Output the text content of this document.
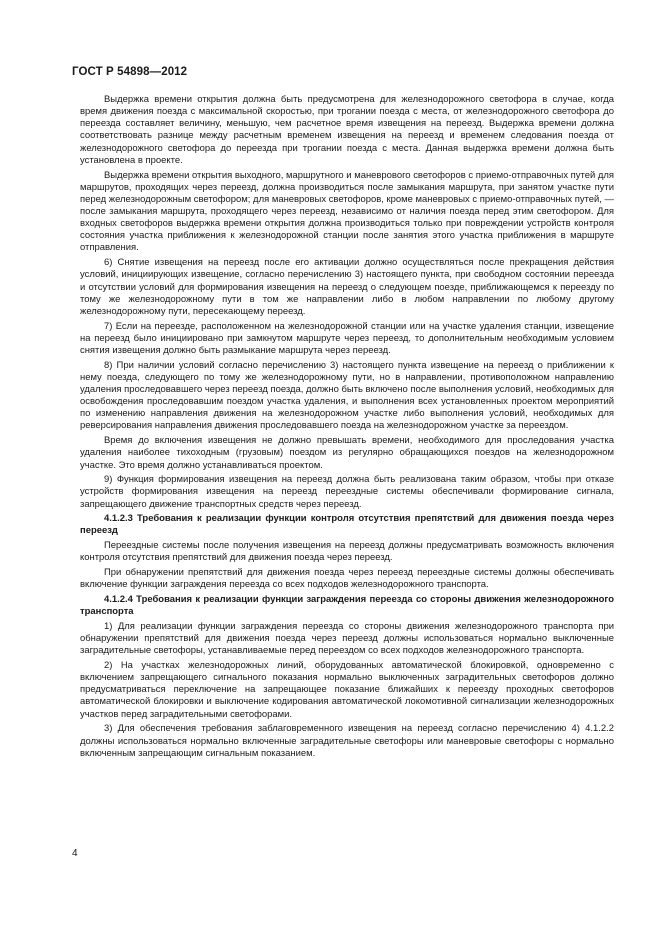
ГОСТ Р 54898—2012

Выдержка времени открытия должна быть предусмотрена для железнодорожного светофора в случае, когда время движения поезда с максимальной скоростью, при трогании поезда с места, от железнодорожного светофора до переезда составляет величину, меньшую, чем расчетное время извещения на переезд. Выдержка времени должна соответствовать разнице между расчетным временем извещения на переезд и временем следования поезда от железнодорожного светофора до переезда при трогании поезда с места. Данная выдержка времени должна быть установлена в проекте.

Выдержка времени открытия выходного, маршрутного и маневрового светофоров с приемо-отправочных путей для маршрутов, проходящих через переезд, должна производиться после замыкания маршрута, при занятом участке пути перед железнодорожным светофором; для маневровых светофоров, кроме маневровых с приемо-отправочных путей, — после замыкания маршрута, проходящего через переезд, независимо от наличия поезда перед этим светофором. Для входных светофоров выдержка времени открытия должна производиться только при повреждении устройств контроля состояния участка приближения к железнодорожной станции после занятия этого участка приближения в маршруте отправления.

6) Снятие извещения на переезд после его активации должно осуществляться после прекращения действия условий, инициирующих извещение, согласно перечислению 3) настоящего пункта, при свободном состоянии переезда и отсутствии условий для формирования извещения на переезд о следующем поезде, приближающемся к переезду по тому же железнодорожному пути в том же направлении либо в любом направлении по любому другому железнодорожному пути, пересекающему переезд.

7) Если на переезде, расположенном на железнодорожной станции или на участке удаления станции, извещение на переезд было инициировано при замкнутом маршруте через переезд, то дополнительным необходимым условием снятия извещения должно быть размыкание маршрута через переезд.

8) При наличии условий согласно перечислению 3) настоящего пункта извещение на переезд о приближении к нему поезда, следующего по тому же железнодорожному пути, но в направлении, противоположном направлению удаления проследовавшего через переезд поезда, должно быть включено после выполнения условий, необходимых для освобождения проследовавшим поездом участка удаления, и выполнения всех установленных проектом мероприятий по изменению направления движения на железнодорожном участке либо выполнения условий, необходимых для реверсирования направления движения проследовавшего поезда на железнодорожном участке за переездом.

Время до включения извещения не должно превышать времени, необходимого для проследования участка удаления наиболее тихоходным (грузовым) поездом из регулярно обращающихся поездов на железнодорожном участке. Это время должно устанавливаться проектом.

9) Функция формирования извещения на переезд должна быть реализована таким образом, чтобы при отказе устройств формирования извещения на переезд переездные системы обеспечивали формирование сигнала, запрещающего движение транспортных средств через переезд.

4.1.2.3 Требования к реализации функции контроля отсутствия препятствий для движения поезда через переезд

Переездные системы после получения извещения на переезд должны предусматривать возможность включения контроля отсутствия препятствий для движения поезда через переезд.

При обнаружении препятствий для движения поезда через переезд переездные системы должны обеспечивать включение функции заграждения переезда со всех подходов железнодорожного транспорта.

4.1.2.4 Требования к реализации функции заграждения переезда со стороны движения железнодорожного транспорта

1) Для реализации функции заграждения переезда со стороны движения железнодорожного транспорта при обнаружении препятствий для движения поезда через переезд должны использоваться нормально выключенные заградительные светофоры, устанавливаемые перед переездом со всех подходов железнодорожного транспорта.

2) На участках железнодорожных линий, оборудованных автоматической блокировкой, одновременно с включением запрещающего сигнального показания нормально выключенных заградительных светофоров должно предусматриваться переключение на запрещающее показание ближайших к переезду проходных светофоров автоматической блокировки и выключение кодирования автоматической локомотивной сигнализации железнодорожных участков перед заградительными светофорами.

3) Для обеспечения требования заблаговременного извещения на переезд согласно перечислению 4) 4.1.2.2 должны использоваться нормально включенные заградительные светофоры или маневровые светофоры с нормально включенным запрещающим сигнальным показанием.

4
